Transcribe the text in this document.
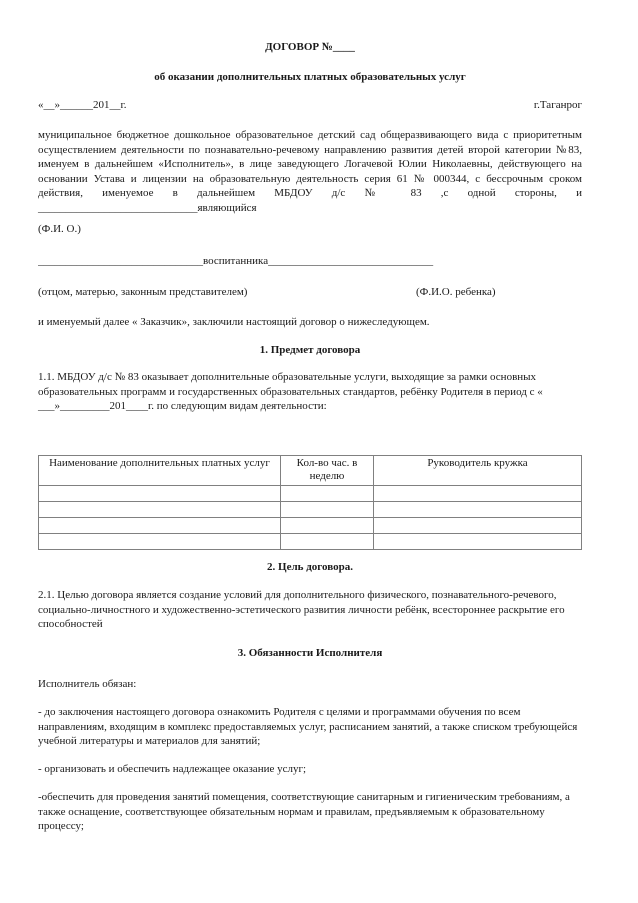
ДОГОВОР №____

об оказании дополнительных платных образовательных услуг

«__»______201__г.	г.Таганрог

муниципальное бюджетное дошкольное образовательное детский сад общеразвивающего вида с приоритетным осуществлением деятельности по познавательно-речевому направлению развития детей второй категории №83, именуем в дальнейшем «Исполнитель», в лице заведующего Логачевой Юлии Николаевны, действующего на основании Устава и лицензии на образовательную деятельность серия 61 № 000344, с бессрочным сроком действия, именуемое в дальнейшем МБДОУ д/с № 83 ,с одной стороны, и _____________________________являющийся

(Ф.И. О.)

______________________________воспитанника______________________________

(отцом, матерью, законным представителем)	(Ф.И.О. ребенка)

и именуемый далее « Заказчик», заключили настоящий договор о нижеследующем.

1. Предмет договора

1.1. МБДОУ д/с № 83 оказывает дополнительные образовательные услуги, выходящие за рамки основных образовательных программ и государственных образовательных стандартов, ребёнку Родителя в период с « ___»_________201____г. по следующим видам деятельности:

Наименование дополнительных платных услуг	Кол-во час. в неделю	Руководитель кружка

2. Цель договора.

2.1. Целью договора является создание условий для дополнительного физического, познавательного-речевого, социально-личностного и художественно-эстетического развития личности ребёнк, всестороннее раскрытие его способностей

3. Обязанности Исполнителя

Исполнитель обязан:

- до заключения настоящего договора ознакомить Родителя с целями и программами обучения по всем направлениям, входящим в комплекс предоставляемых услуг, расписанием занятий, а также списком требующейся учебной литературы и материалов для занятий;

- организовать и обеспечить надлежащее оказание услуг;

-обеспечить для проведения занятий помещения, соответствующие санитарным и гигиеническим требованиям, а также оснащение, соответствующее обязательным нормам и правилам, предъявляемым к образовательному процессу;
